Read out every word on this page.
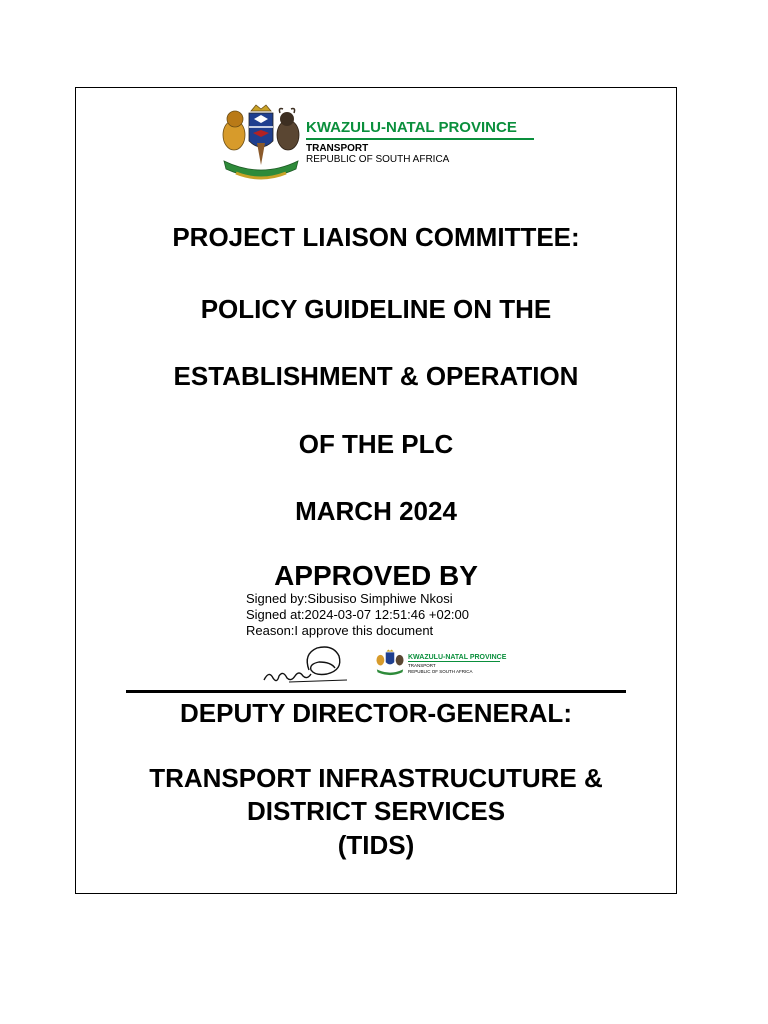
KWAZULU-NATAL PROVINCE
TRANSPORT
REPUBLIC OF SOUTH AFRICA
PROJECT LIAISON COMMITTEE:
POLICY GUIDELINE ON THE
ESTABLISHMENT & OPERATION
OF THE PLC
MARCH 2024
APPROVED BY
Signed by:Sibusiso Simphiwe Nkosi
Signed at:2024-03-07 12:51:46 +02:00
Reason:I approve this document
KWAZULU-NATAL PROVINCE
TRANSPORT
REPUBLIC OF SOUTH AFRICA
DEPUTY DIRECTOR-GENERAL:
TRANSPORT INFRASTRUCUTURE &
DISTRICT SERVICES
(TIDS)
